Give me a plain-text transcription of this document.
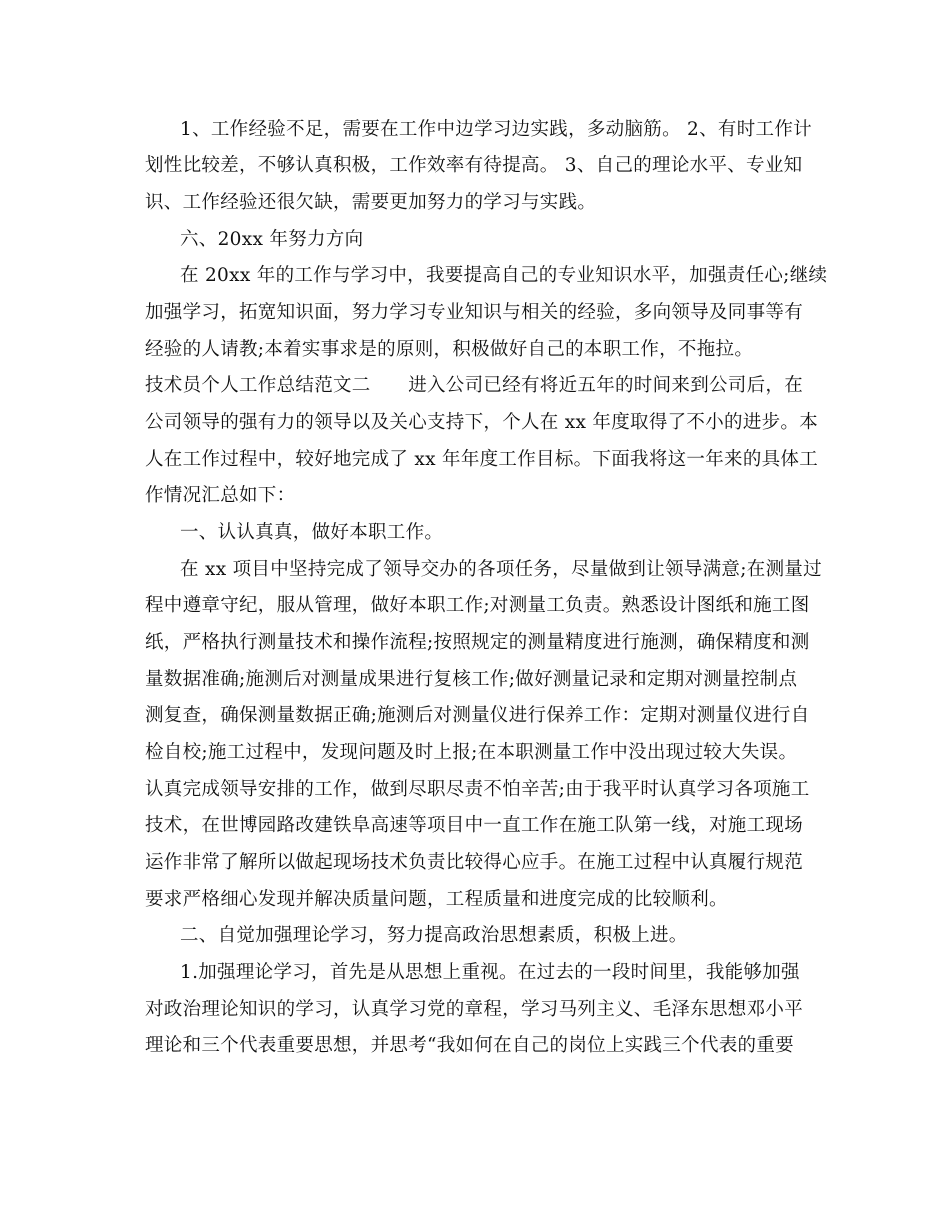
1、工作经验不足，需要在工作中边学习边实践，多动脑筋。 2、有时工作计
划性比较差，不够认真积极，工作效率有待提高。 3、自己的理论水平、专业知
识、工作经验还很欠缺，需要更加努力的学习与实践。
六、20xx 年努力方向
在 20xx 年的工作与学习中，我要提高自己的专业知识水平，加强责任心;继续
加强学习，拓宽知识面，努力学习专业知识与相关的经验，多向领导及同事等有
经验的人请教;本着实事求是的原则，积极做好自己的本职工作，不拖拉。
技术员个人工作总结范文二　　进入公司已经有将近五年的时间来到公司后，在
公司领导的强有力的领导以及关心支持下，个人在 xx 年度取得了不小的进步。本
人在工作过程中，较好地完成了 xx 年年度工作目标。下面我将这一年来的具体工
作情况汇总如下：
一、认认真真，做好本职工作。
在 xx 项目中坚持完成了领导交办的各项任务，尽量做到让领导满意;在测量过
程中遵章守纪，服从管理，做好本职工作;对测量工负责。熟悉设计图纸和施工图
纸，严格执行测量技术和操作流程;按照规定的测量精度进行施测，确保精度和测
量数据准确;施测后对测量成果进行复核工作;做好测量记录和定期对测量控制点
测复查，确保测量数据正确;施测后对测量仪进行保养工作：定期对测量仪进行自
检自校;施工过程中，发现问题及时上报;在本职测量工作中没出现过较大失误。
认真完成领导安排的工作，做到尽职尽责不怕辛苦;由于我平时认真学习各项施工
技术，在世博园路改建铁阜高速等项目中一直工作在施工队第一线，对施工现场
运作非常了解所以做起现场技术负责比较得心应手。在施工过程中认真履行规范
要求严格细心发现并解决质量问题，工程质量和进度完成的比较顺利。
二、自觉加强理论学习，努力提高政治思想素质，积极上进。
1.加强理论学习，首先是从思想上重视。在过去的一段时间里，我能够加强
对政治理论知识的学习，认真学习党的章程，学习马列主义、毛泽东思想邓小平
理论和三个代表重要思想，并思考“我如何在自己的岗位上实践三个代表的重要
